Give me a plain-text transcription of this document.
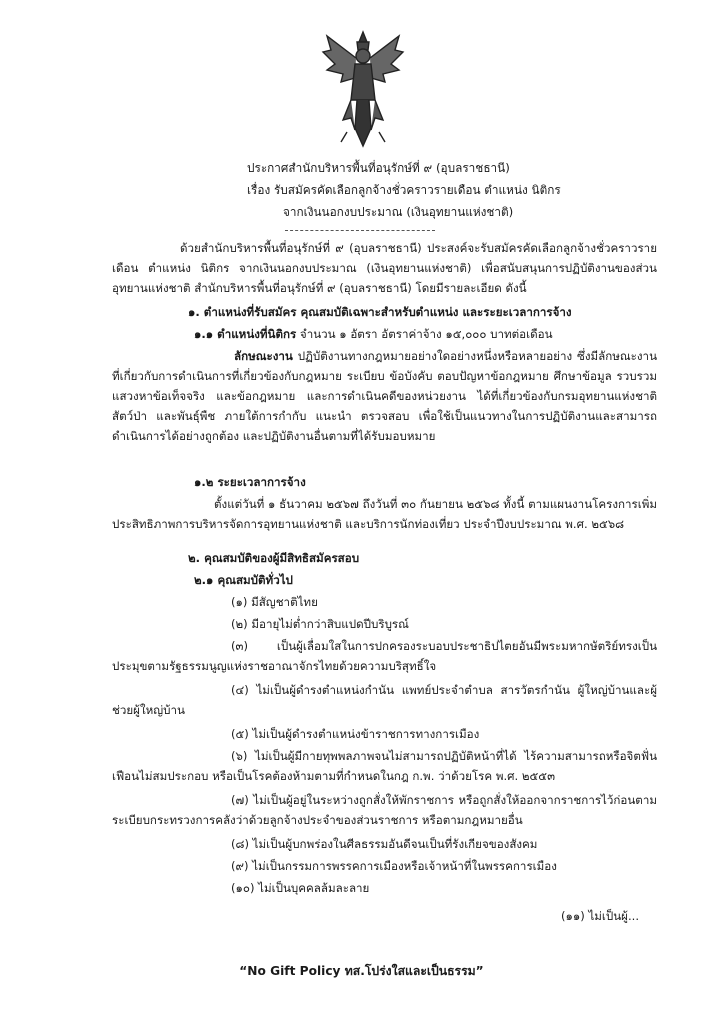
ประกาศสำนักบริหารพื้นที่อนุรักษ์ที่ ๙ (อุบลราชธานี)
เรื่อง รับสมัครคัดเลือกลูกจ้างชั่วคราวรายเดือน ตำแหน่ง นิติกร
จากเงินนอกงบประมาณ (เงินอุทยานแห่งชาติ)
ด้วยสำนักบริหารพื้นที่อนุรักษ์ที่ ๙ (อุบลราชธานี) ประสงค์จะรับสมัครคัดเลือกลูกจ้างชั่วคราวรายเดือน ตำแหน่ง นิติกร จากเงินนอกงบประมาณ (เงินอุทยานแห่งชาติ) เพื่อสนับสนุนการปฏิบัติงานของส่วนอุทยานแห่งชาติ สำนักบริหารพื้นที่อนุรักษ์ที่ ๙ (อุบลราชธานี) โดยมีรายละเอียด ดังนี้
๑. ตำแหน่งที่รับสมัคร คุณสมบัติเฉพาะสำหรับตำแหน่ง และระยะเวลาการจ้าง
๑.๑ ตำแหน่งที่นิติกร จำนวน ๑ อัตรา อัตราค่าจ้าง ๑๕,๐๐๐ บาทต่อเดือน
ลักษณะงาน ปฏิบัติงานทางกฎหมายอย่างใดอย่างหนึ่งหรือหลายอย่าง ซึ่งมีลักษณะงานที่เกี่ยวกับการดำเนินการที่เกี่ยวข้องกับกฎหมาย ระเบียบ ข้อบังคับ ตอบปัญหาข้อกฎหมาย ศึกษาข้อมูล รวบรวม แสวงหาข้อเท็จจริง และข้อกฎหมาย และการดำเนินคดีของหน่วยงาน ได้ที่เกี่ยวข้องกับกรมอุทยานแห่งชาติ สัตว์ป่า และพันธุ์พืช ภายใต้การกำกับ แนะนำ ตรวจสอบ เพื่อใช้เป็นแนวทางในการปฏิบัติงานและสามารถดำเนินการได้อย่างถูกต้อง และปฏิบัติงานอื่นตามที่ได้รับมอบหมาย
๑.๒ ระยะเวลาการจ้าง
ตั้งแต่วันที่ ๑ ธันวาคม ๒๕๖๗ ถึงวันที่ ๓๐ กันยายน ๒๕๖๘ ทั้งนี้ ตามแผนงานโครงการเพิ่มประสิทธิภาพการบริหารจัดการอุทยานแห่งชาติ และบริการนักท่องเที่ยว ประจำปีงบประมาณ พ.ศ. ๒๕๖๘
๒. คุณสมบัติของผู้มีสิทธิสมัครสอบ
๒.๑ คุณสมบัติทั่วไป
(๑) มีสัญชาติไทย
(๒) มีอายุไม่ต่ำกว่าสิบแปดปีบริบูรณ์
(๓) เป็นผู้เลื่อมใสในการปกครองระบอบประชาธิปไตยอันมีพระมหากษัตริย์ทรงเป็นประมุขตามรัฐธรรมนูญแห่งราชอาณาจักรไทยด้วยความบริสุทธิ์ใจ
(๔) ไม่เป็นผู้ดำรงตำแหน่งกำนัน แพทย์ประจำตำบล สารวัตรกำนัน ผู้ใหญ่บ้านและผู้ช่วยผู้ใหญ่บ้าน
(๕) ไม่เป็นผู้ดำรงตำแหน่งข้าราชการทางการเมือง
(๖) ไม่เป็นผู้มีกายทุพพลภาพจนไม่สามารถปฏิบัติหน้าที่ได้ ไร้ความสามารถหรือจิตฟั่นเฟือนไม่สมประกอบ หรือเป็นโรคต้องห้ามตามที่กำหนดในกฎ ก.พ. ว่าด้วยโรค พ.ศ. ๒๕๕๓
(๗) ไม่เป็นผู้อยู่ในระหว่างถูกสั่งให้พักราชการ หรือถูกสั่งให้ออกจากราชการไว้ก่อนตามระเบียบกระทรวงการคลังว่าด้วยลูกจ้างประจำของส่วนราชการ หรือตามกฎหมายอื่น
(๘) ไม่เป็นผู้บกพร่องในศีลธรรมอันดีจนเป็นที่รังเกียจของสังคม
(๙) ไม่เป็นกรรมการพรรคการเมืองหรือเจ้าหน้าที่ในพรรคการเมือง
(๑๐) ไม่เป็นบุคคลล้มละลาย
(๑๑) ไม่เป็นผู้...
“No Gift Policy ทส.โปร่งใสและเป็นธรรม”
